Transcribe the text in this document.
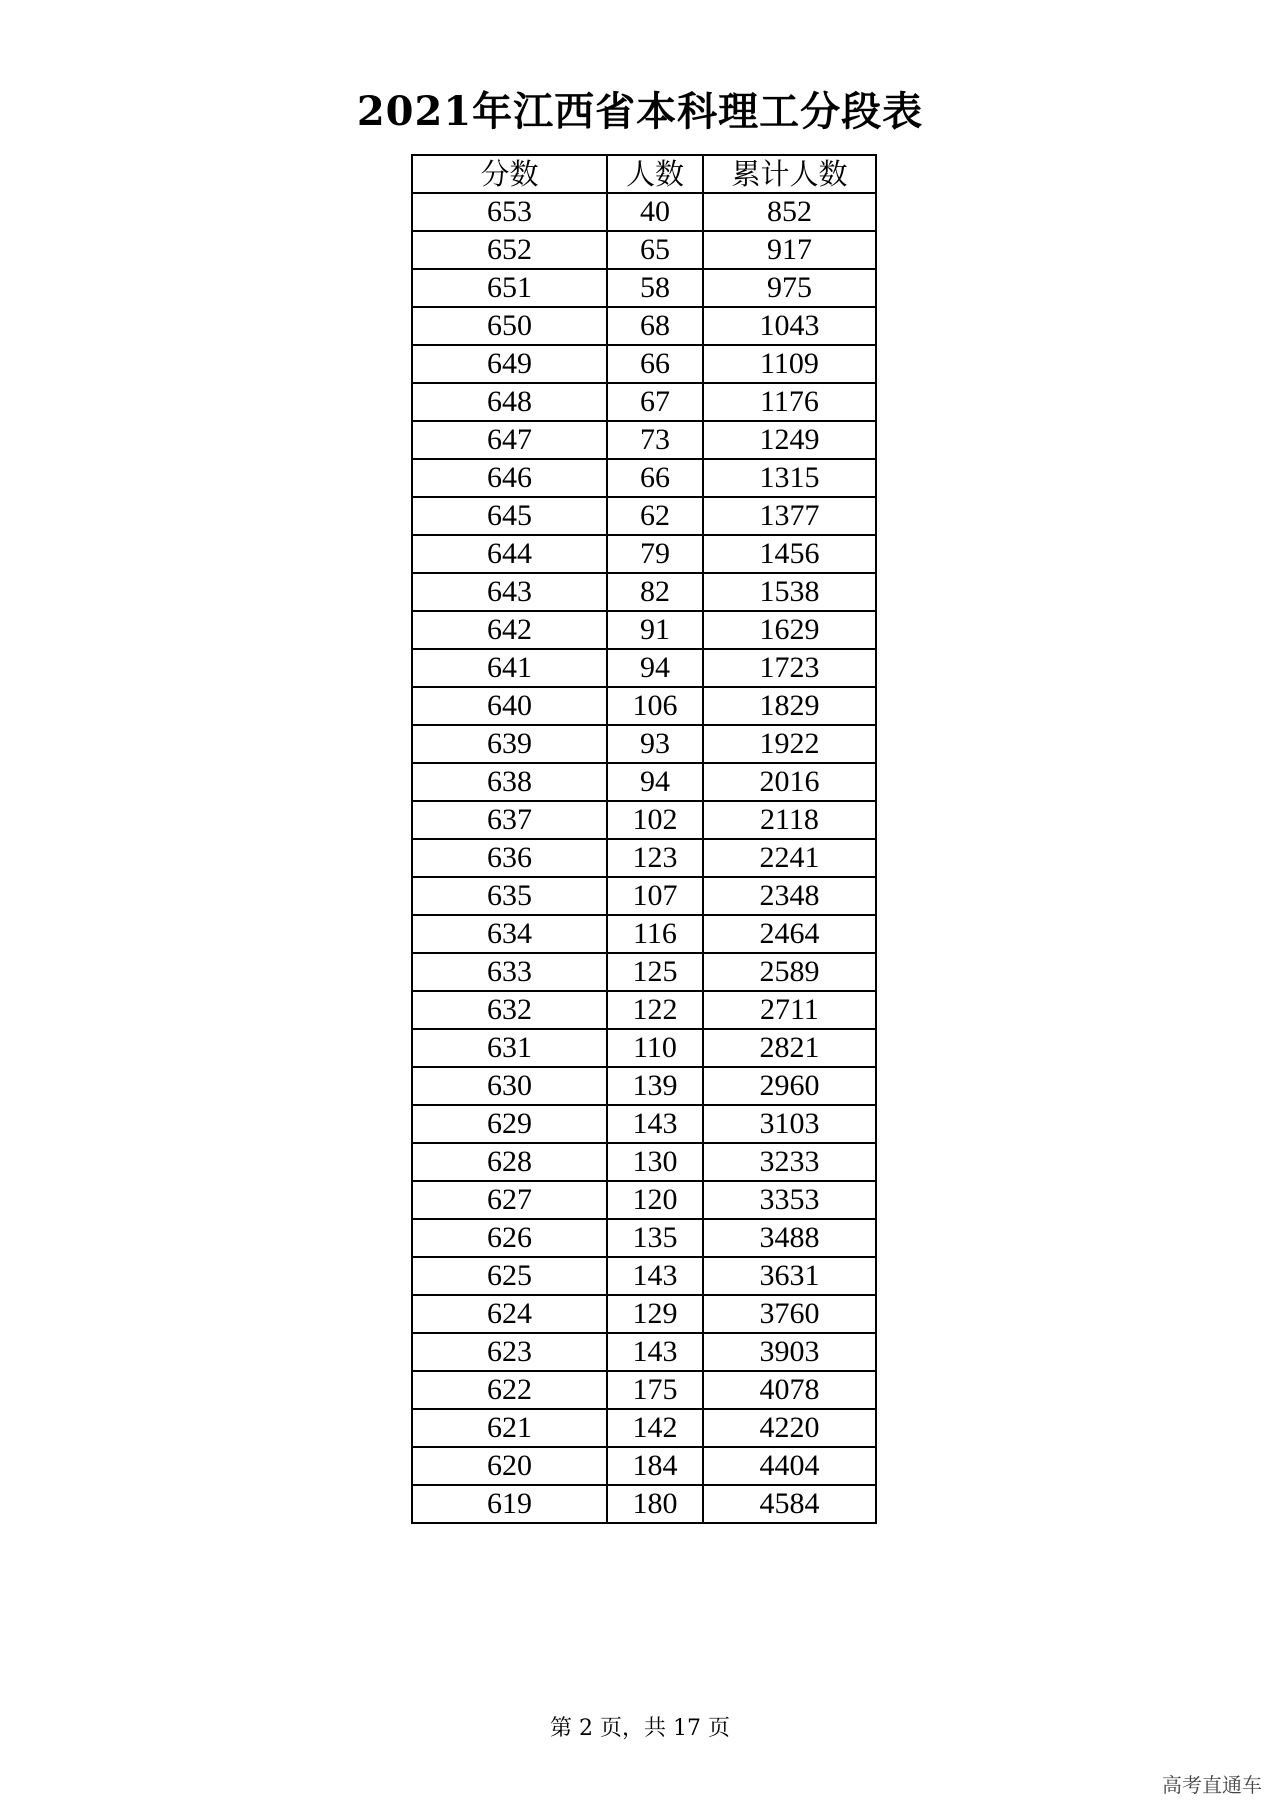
2021年江西省本科理工分段表
分数	人数	累计人数
653	40	852
652	65	917
651	58	975
650	68	1043
649	66	1109
648	67	1176
647	73	1249
646	66	1315
645	62	1377
644	79	1456
643	82	1538
642	91	1629
641	94	1723
640	106	1829
639	93	1922
638	94	2016
637	102	2118
636	123	2241
635	107	2348
634	116	2464
633	125	2589
632	122	2711
631	110	2821
630	139	2960
629	143	3103
628	130	3233
627	120	3353
626	135	3488
625	143	3631
624	129	3760
623	143	3903
622	175	4078
621	142	4220
620	184	4404
619	180	4584
第 2 页，共 17 页
高考直通车
